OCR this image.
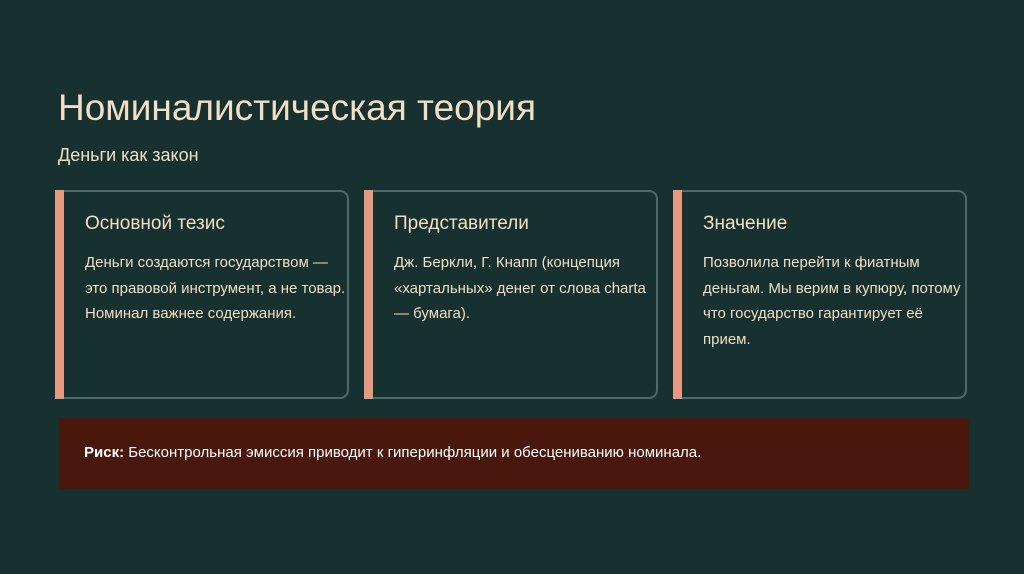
Номиналистическая теория
Деньги как закон
Основной тезис
Деньги создаются государством — это правовой инструмент, а не товар. Номинал важнее содержания.
Представители
Дж. Беркли, Г. Кнапп (концепция «хартальных» денег от слова charta — бумага).
Значение
Позволила перейти к фиатным деньгам. Мы верим в купюру, потому что государство гарантирует её прием.
Риск: Бесконтрольная эмиссия приводит к гиперинфляции и обесцениванию номинала.
